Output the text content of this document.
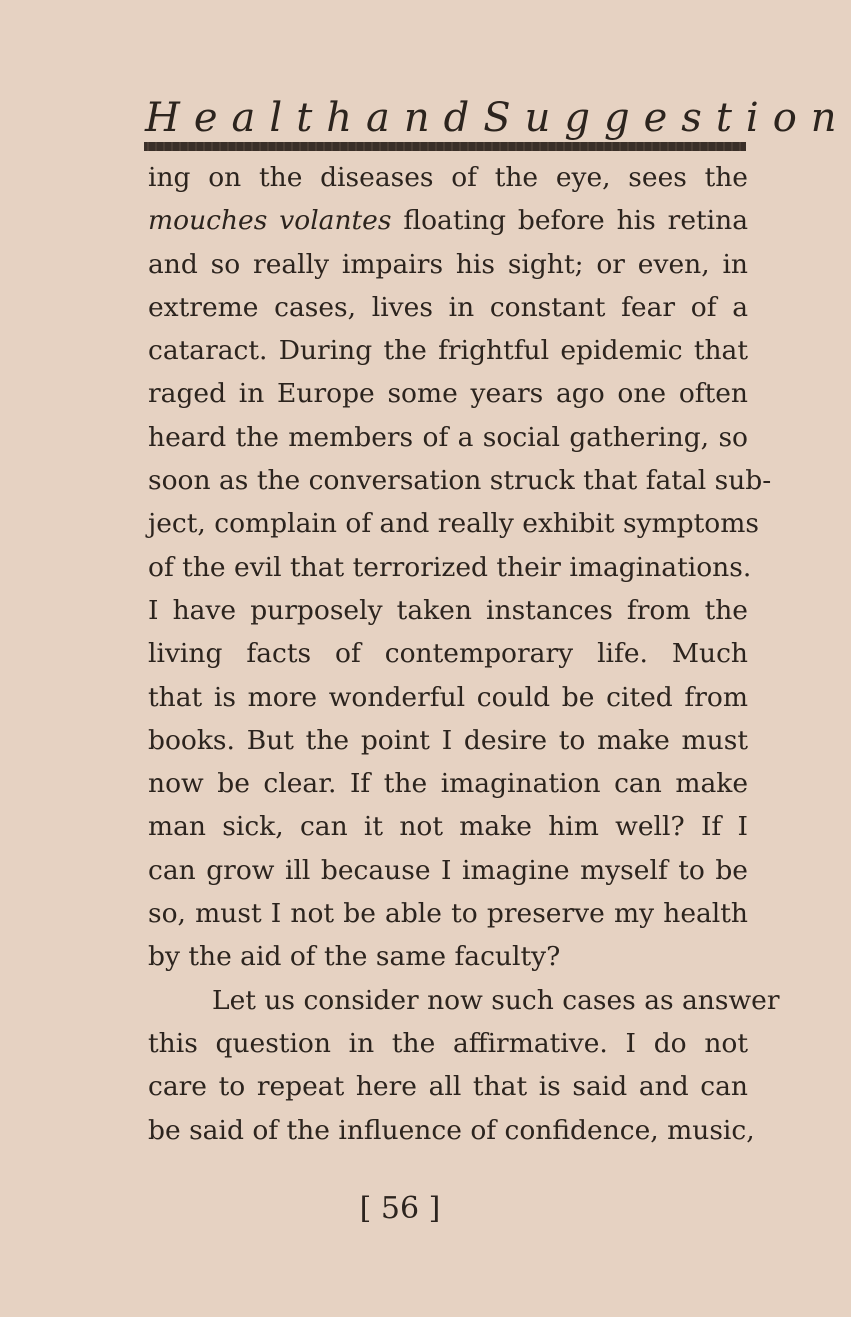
Health and Suggestion
ing on the diseases of the eye, sees the
mouches volantes floating before his retina
and so really impairs his sight; or even, in
extreme cases, lives in constant fear of a
cataract. During the frightful epidemic that
raged in Europe some years ago one often
heard the members of a social gathering, so
soon as the conversation struck that fatal sub-
ject, complain of and really exhibit symptoms
of the evil that terrorized their imaginations.
I have purposely taken instances from the
living facts of contemporary life. Much
that is more wonderful could be cited from
books. But the point I desire to make must
now be clear. If the imagination can make
man sick, can it not make him well? If I
can grow ill because I imagine myself to be
so, must I not be able to preserve my health
by the aid of the same faculty?
Let us consider now such cases as answer
this question in the affirmative. I do not
care to repeat here all that is said and can
be said of the influence of confidence, music,
[ 56 ]
